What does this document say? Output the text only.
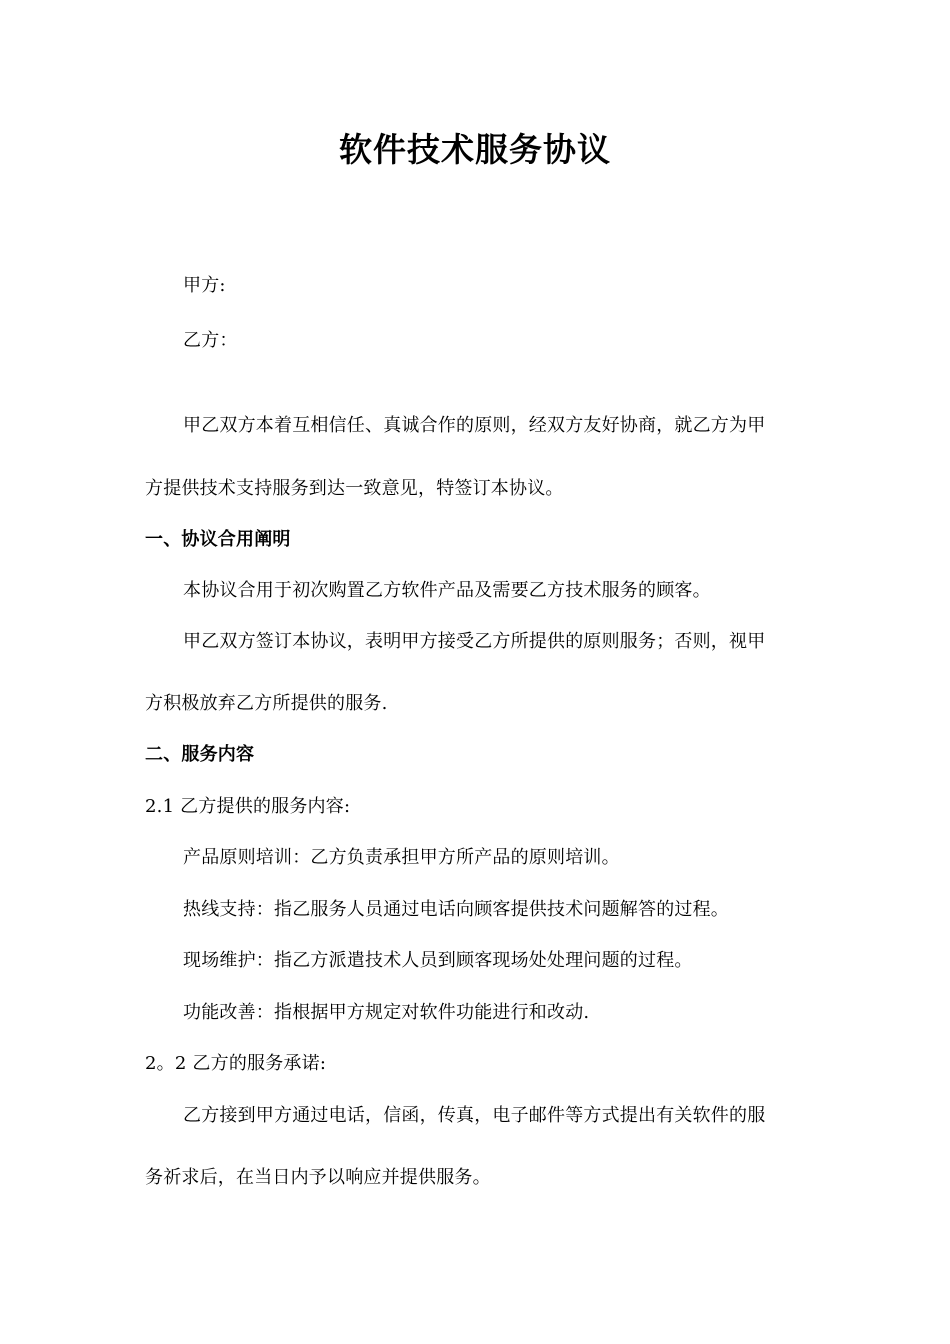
软件技术服务协议
甲方:
乙方：
甲乙双方本着互相信任、真诚合作的原则，经双方友好协商，就乙方为甲
方提供技术支持服务到达一致意见，特签订本协议。
一、协议合用阐明
本协议合用于初次购置乙方软件产品及需要乙方技术服务的顾客。
甲乙双方签订本协议，表明甲方接受乙方所提供的原则服务；否则，视甲
方积极放弃乙方所提供的服务.
二、服务内容
2.1 乙方提供的服务内容:
产品原则培训：乙方负责承担甲方所产品的原则培训。
热线支持：指乙服务人员通过电话向顾客提供技术问题解答的过程。
现场维护：指乙方派遣技术人员到顾客现场处处理问题的过程。
功能改善：指根据甲方规定对软件功能进行和改动.
2。2 乙方的服务承诺:
乙方接到甲方通过电话，信函，传真，电子邮件等方式提出有关软件的服
务祈求后，在当日内予以响应并提供服务。
